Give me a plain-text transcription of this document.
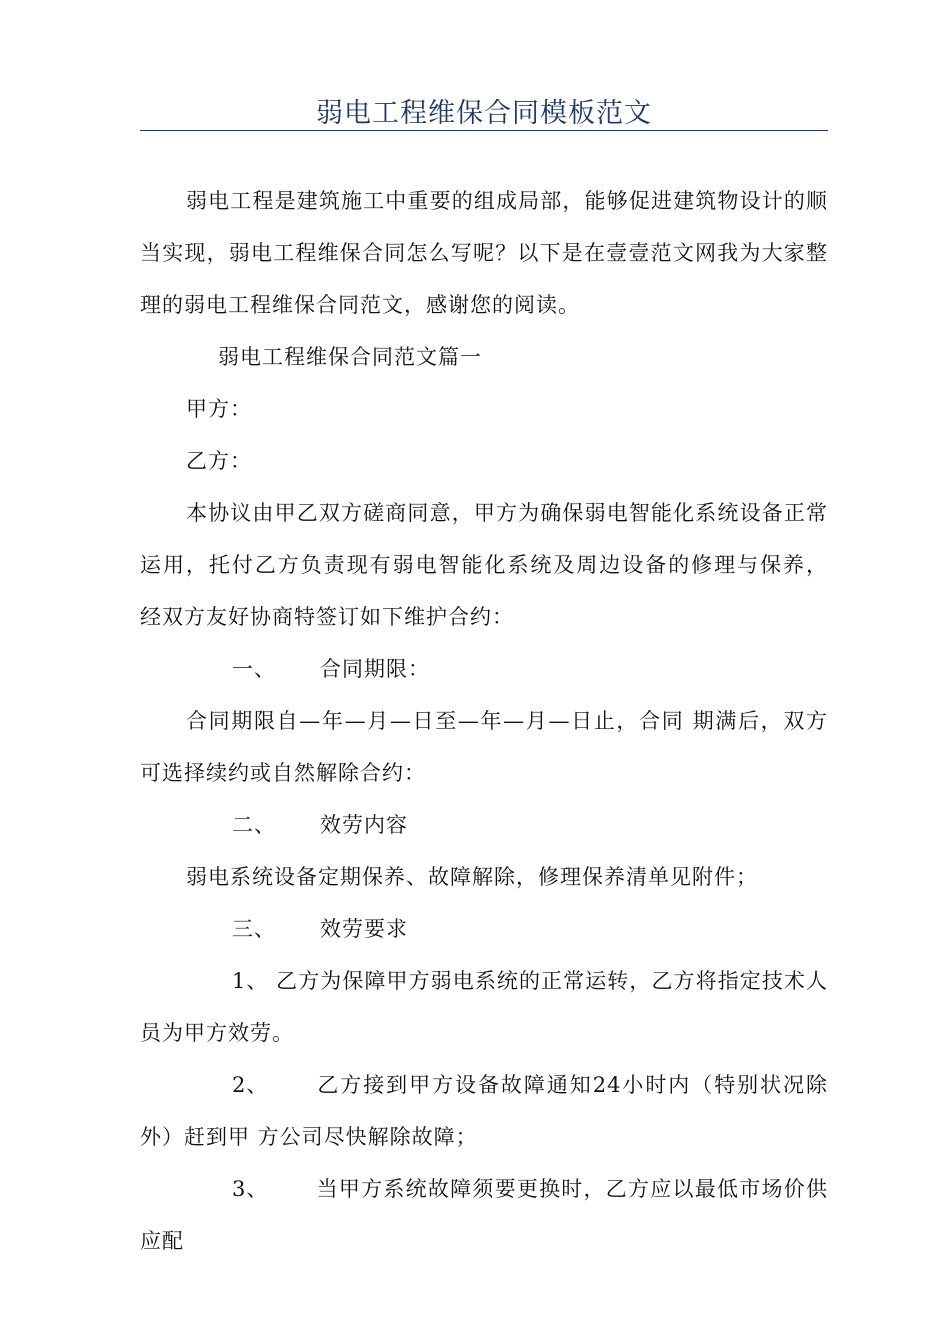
弱电工程维保合同模板范文

弱电工程是建筑施工中重要的组成局部，能够促进建筑物设计的顺当实现，弱电工程维保合同怎么写呢？以下是在壹壹范文网我为大家整理的弱电工程维保合同范文，感谢您的阅读。

弱电工程维保合同范文篇一

甲方：

乙方：

本协议由甲乙双方磋商同意，甲方为确保弱电智能化系统设备正常运用，托付乙方负责现有弱电智能化系统及周边设备的修理与保养， 经双方友好协商特签订如下维护合约：

一、 合同期限：

合同期限自—年—月—日至—年—月—日止，合同 期满后，双方可选择续约或自然解除合约：

二、 效劳内容

弱电系统设备定期保养、故障解除，修理保养清单见附件；

三、 效劳要求

1、 乙方为保障甲方弱电系统的正常运转，乙方将指定技术人员为甲方效劳。

2、 乙方接到甲方设备故障通知24小时内（特别状况除外）赶到甲 方公司尽快解除故障；

3、 当甲方系统故障须要更换时，乙方应以最低市场价供应配
